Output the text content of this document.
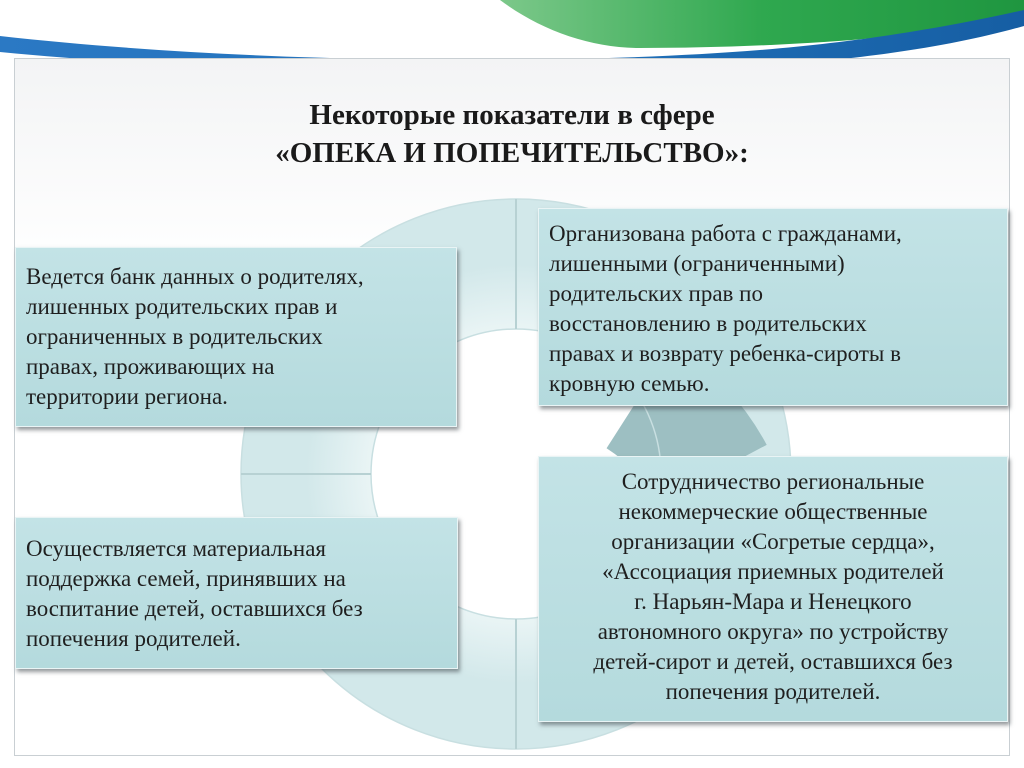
Некоторые показатели в сфере
«ОПЕКА И ПОПЕЧИТЕЛЬСТВО»:
Ведется банк данных о родителях,
лишенных родительских прав и
ограниченных в родительских
правах, проживающих на
территории региона.
Организована работа с гражданами,
лишенными (ограниченными)
родительских прав по
восстановлению в родительских
правах и возврату ребенка-сироты в
кровную семью.
Осуществляется материальная
поддержка семей, принявших на
воспитание детей, оставшихся без
попечения родителей.
Сотрудничество региональные
некоммерческие общественные
организации «Согретые сердца»,
«Ассоциация приемных родителей
г. Нарьян-Мара и Ненецкого
автономного округа» по устройству
детей-сирот и детей, оставшихся без
попечения родителей.
